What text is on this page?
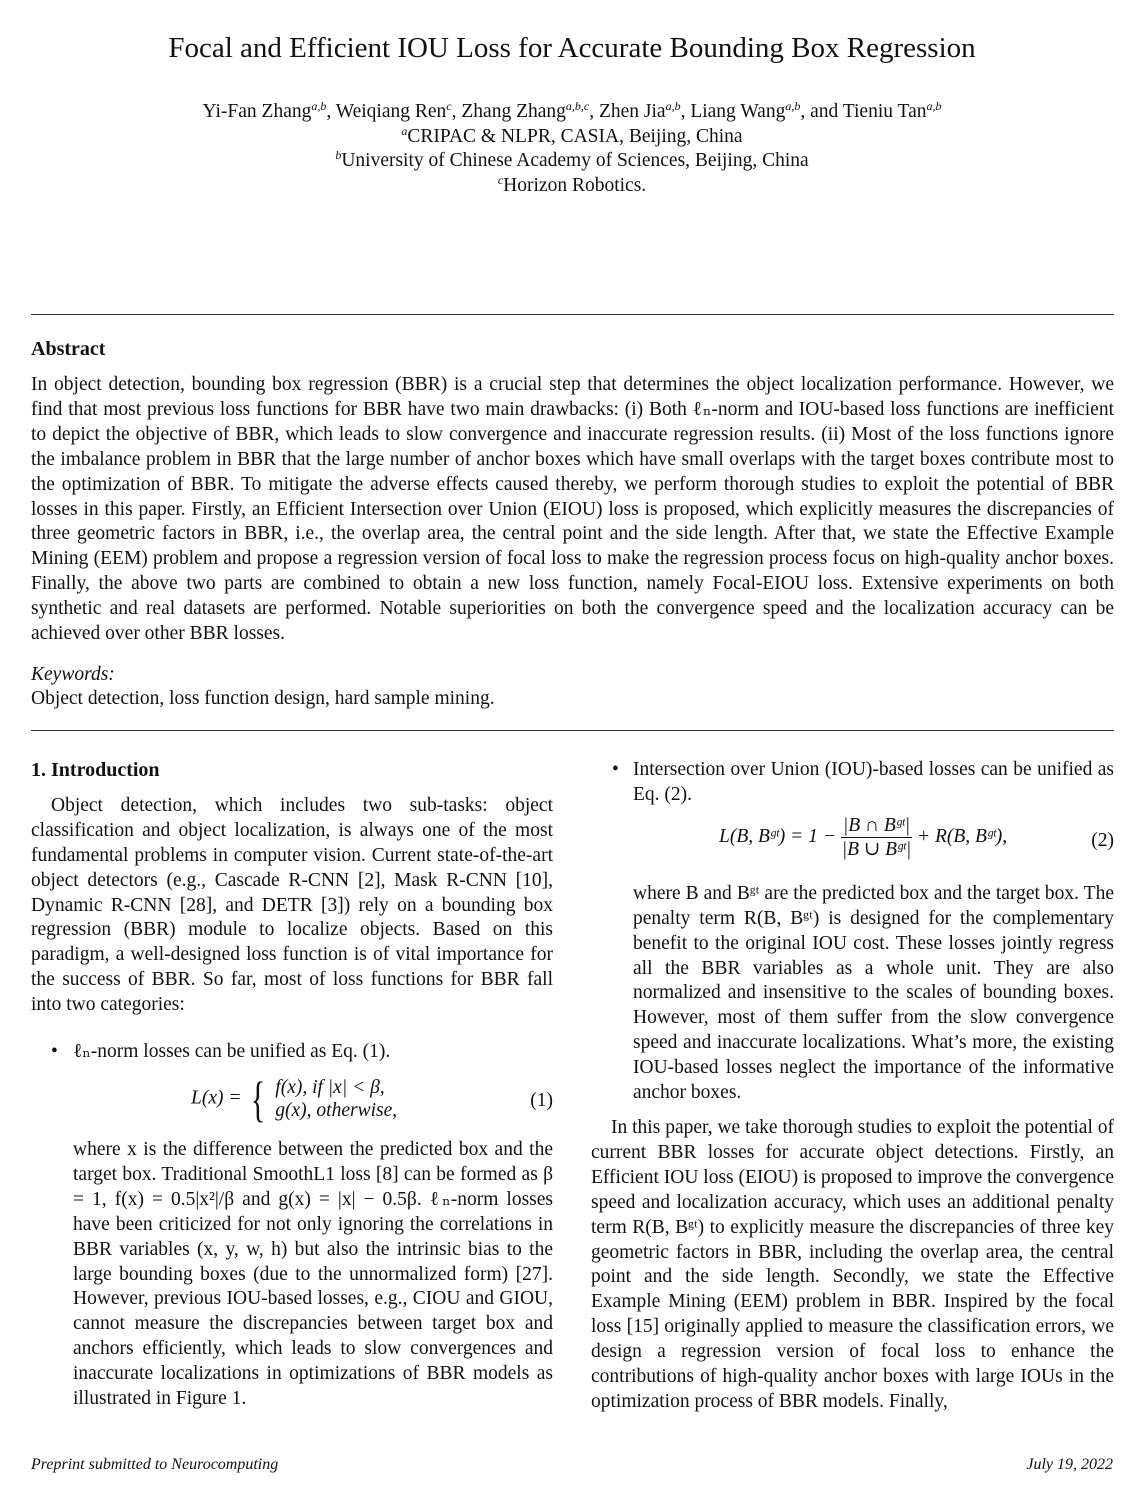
Focal and Efficient IOU Loss for Accurate Bounding Box Regression
Yi-Fan Zhang$^{a,b}$, Weiqiang Ren$^c$, Zhang Zhang$^{a,b,c}$, Zhen Jia$^{a,b}$, Liang Wang$^{a,b}$, and Tieniu Tan$^{a,b}$
$^a$CRIPAC & NLPR, CASIA, Beijing, China
$^b$University of Chinese Academy of Sciences, Beijing, China
$^c$Horizon Robotics.
Abstract
In object detection, bounding box regression (BBR) is a crucial step that determines the object localization performance. However, we find that most previous loss functions for BBR have two main drawbacks: (i) Both ℓₙ-norm and IOU-based loss functions are inefficient to depict the objective of BBR, which leads to slow convergence and inaccurate regression results. (ii) Most of the loss functions ignore the imbalance problem in BBR that the large number of anchor boxes which have small overlaps with the target boxes contribute most to the optimization of BBR. To mitigate the adverse effects caused thereby, we perform thorough studies to exploit the potential of BBR losses in this paper. Firstly, an Efficient Intersection over Union (EIOU) loss is proposed, which explicitly measures the discrepancies of three geometric factors in BBR, i.e., the overlap area, the central point and the side length. After that, we state the Effective Example Mining (EEM) problem and propose a regression version of focal loss to make the regression process focus on high-quality anchor boxes. Finally, the above two parts are combined to obtain a new loss function, namely Focal-EIOU loss. Extensive experiments on both synthetic and real datasets are performed. Notable superiorities on both the convergence speed and the localization accuracy can be achieved over other BBR losses.
Keywords:
Object detection, loss function design, hard sample mining.
1. Introduction

Object detection, which includes two sub-tasks: object classification and object localization, is always one of the most fundamental problems in computer vision. Current state-of-the-art object detectors (e.g., Cascade R-CNN [2], Mask R-CNN [10], Dynamic R-CNN [28], and DETR [3]) rely on a bounding box regression (BBR) module to localize objects. Based on this paradigm, a well-designed loss function is of vital importance for the success of BBR. So far, most of loss functions for BBR fall into two categories:

• ℓₙ-norm losses can be unified as Eq. (1).
L(x) = { f(x), if |x| < β,
g(x), otherwise,	(1)

where x is the difference between the predicted box and the target box. Traditional SmoothL1 loss [8] can be formed as β = 1, f(x) = 0.5|x²|/β and g(x) = |x| − 0.5β. ℓₙ-norm losses have been criticized for not only ignoring the correlations in BBR variables (x, y, w, h) but also the intrinsic bias to the large bounding boxes (due to the unnormalized form) [27]. However, previous IOU-based losses, e.g., CIOU and GIOU, cannot measure the discrepancies between target box and anchors efficiently, which leads to slow convergences and inaccurate localizations in optimizations of BBR models as illustrated in Figure 1.

• Intersection over Union (IOU)-based losses can be unified as Eq. (2).
L(B, Bᵍᵗ) = $1 - \frac{\text{|B ∩ Bᵍᵗ|}}{\text{|B ∪ Bᵍᵗ|}} + R(B$, Bᵍᵗ),	(2)

where B and Bᵍᵗ are the predicted box and the target box. The penalty term R(B, Bᵍᵗ) is designed for the complementary benefit to the original IOU cost. These losses jointly regress all the BBR variables as a whole unit. They are also normalized and insensitive to the scales of bounding boxes. However, most of them suffer from the slow convergence speed and inaccurate localizations. What’s more, the existing IOU-based losses neglect the importance of the informative anchor boxes.

In this paper, we take thorough studies to exploit the potential of current BBR losses for accurate object detections. Firstly, an Efficient IOU loss (EIOU) is proposed to improve the convergence speed and localization accuracy, which uses an additional penalty term R(B, Bᵍᵗ) to explicitly measure the discrepancies of three key geometric factors in BBR, including the overlap area, the central point and the side length. Secondly, we state the Effective Example Mining (EEM) problem in BBR. Inspired by the focal loss [15] originally applied to measure the classification errors, we design a regression version of focal loss to enhance the contributions of high-quality anchor boxes with large IOUs in the optimization process of BBR models. Finally,

Preprint submitted to Neurocomputing	July 19, 2022
